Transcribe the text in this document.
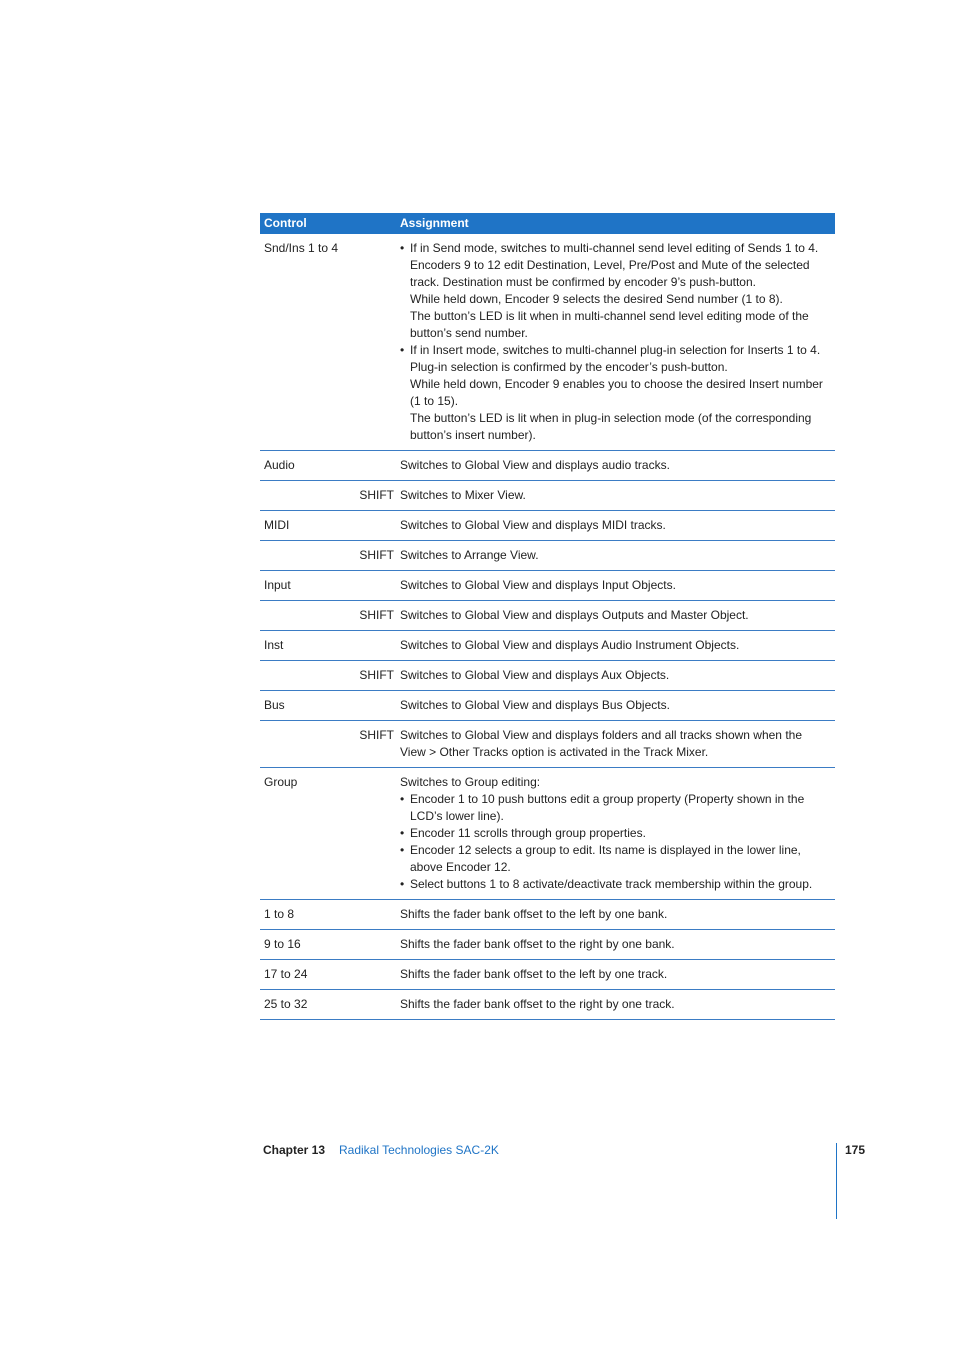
Control	Assignment
Snd/Ins 1 to 4
•	If in Send mode, switches to multi-channel send level editing of Sends 1 to 4.
Encoders 9 to 12 edit Destination, Level, Pre/Post and Mute of the selected track. Destination must be confirmed by encoder 9’s push-button.
While held down, Encoder 9 selects the desired Send number (1 to 8).
The button’s LED is lit when in multi-channel send level editing mode of the button’s send number.
• If in Insert mode, switches to multi-channel plug-in selection for Inserts 1 to 4. Plug-in selection is confirmed by the encoder’s push-button.
While held down, Encoder 9 enables you to choose the desired Insert number (1 to 15).
The button’s LED is lit when in plug-in selection mode (of the corresponding button’s insert number).
Audio	Switches to Global View and displays audio tracks.
SHIFT Switches to Mixer View.
MIDI	Switches to Global View and displays MIDI tracks.
SHIFT Switches to Arrange View.
Input	Switches to Global View and displays Input Objects.
SHIFT Switches to Global View and displays Outputs and Master Object.
Inst	Switches to Global View and displays Audio Instrument Objects.
SHIFT Switches to Global View and displays Aux Objects.
Bus	Switches to Global View and displays Bus Objects.
SHIFT Switches to Global View and displays folders and all tracks shown when the View > Other Tracks option is activated in the Track Mixer.
Group	Switches to Group editing:
• Encoder 1 to 10 push buttons edit a group property (Property shown in the LCD’s lower line).
• Encoder 11 scrolls through group properties.
• Encoder 12 selects a group to edit. Its name is displayed in the lower line, above Encoder 12.
• Select buttons 1 to 8 activate/deactivate track membership within the group.
1 to 8	Shifts the fader bank offset to the left by one bank.
9 to 16	Shifts the fader bank offset to the right by one bank.
17 to 24	Shifts the fader bank offset to the left by one track.
25 to 32	Shifts the fader bank offset to the right by one track.
Chapter 13 Radikal Technologies SAC-2K	175
